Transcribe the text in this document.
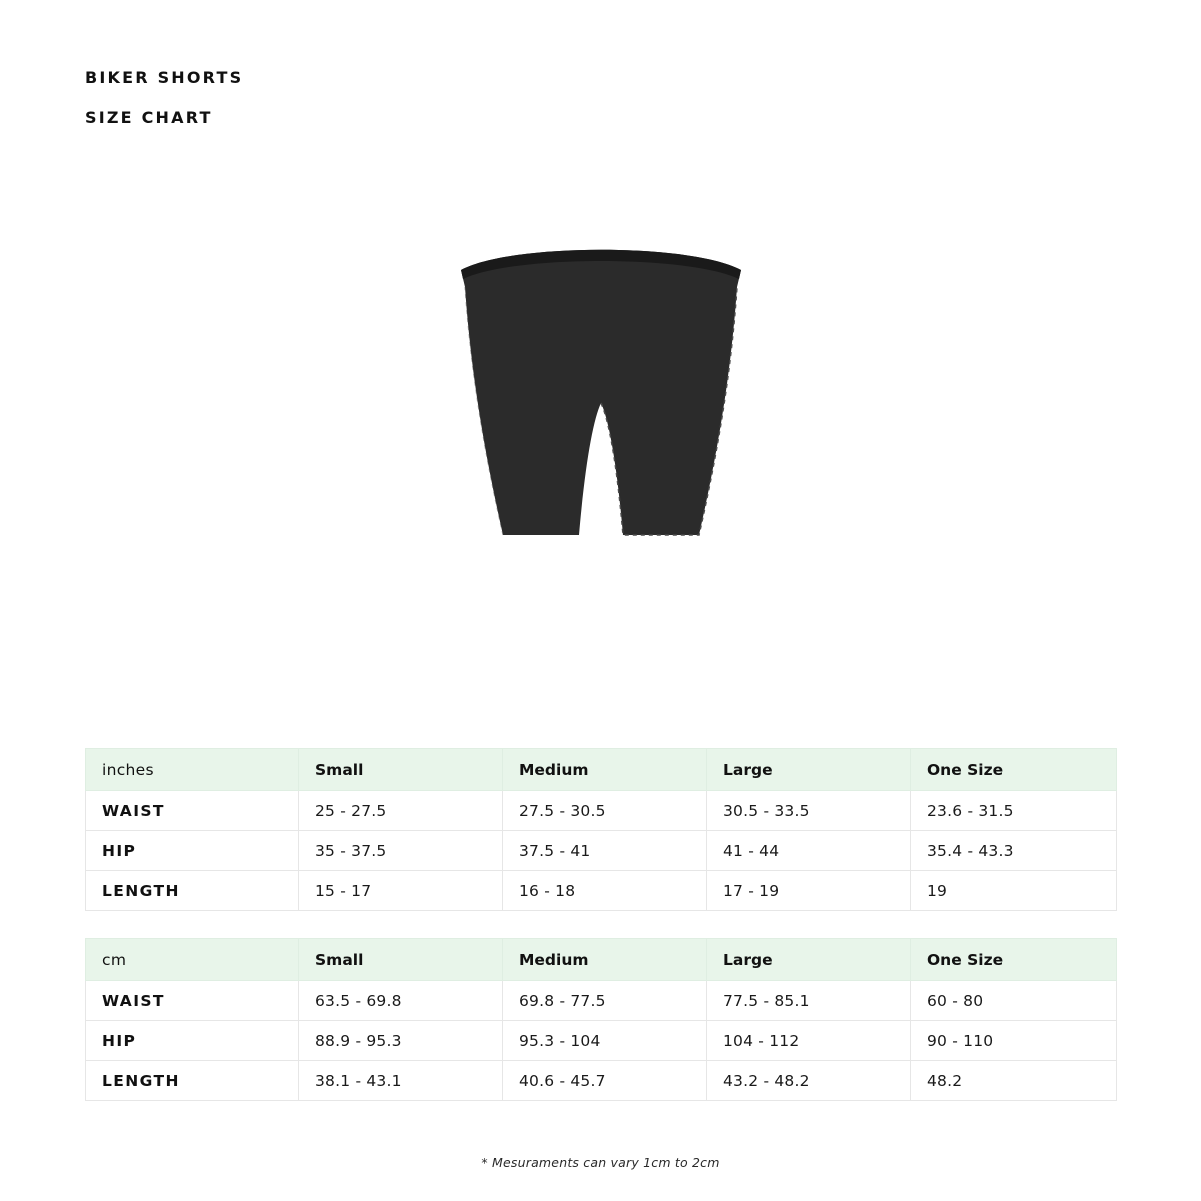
BIKER SHORTS
SIZE CHART
inches	Small	Medium	Large	One Size
WAIST	25 - 27.5	27.5 - 30.5	30.5 - 33.5	23.6 - 31.5
HIP	35 - 37.5	37.5 - 41	41 - 44	35.4 - 43.3
LENGTH	15 - 17	16 - 18	17 - 19	19
cm	Small	Medium	Large	One Size
WAIST	63.5 - 69.8	69.8 - 77.5	77.5 - 85.1	60 - 80
HIP	88.9 - 95.3	95.3 - 104	104 - 112	90 - 110
LENGTH	38.1 - 43.1	40.6 - 45.7	43.2 - 48.2	48.2
* Mesuraments can vary 1cm to 2cm
